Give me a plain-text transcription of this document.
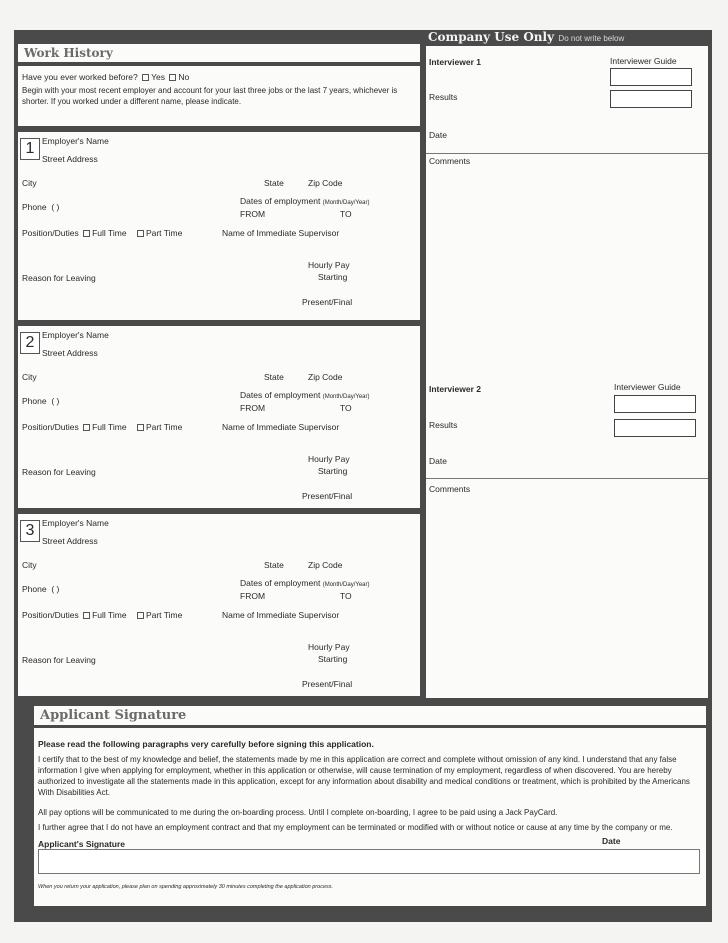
Work History
Have you ever worked before? Yes No
Begin with your most recent employer and account for your last three jobs or the last 7 years, whichever is shorter. If you worked under a different name, please indicate.
1 Employer's Name
Street Address
City	State	Zip Code
Phone ( )
Dates of employment (Month/Day/Year)
FROM	TO
Position/Duties Full Time Part Time	Name of Immediate Supervisor
Hourly Pay
Reason for Leaving	Starting
Present/Final
2 Employer's Name
Street Address
City	State	Zip Code
Phone ( )
Dates of employment (Month/Day/Year)
FROM	TO
Position/Duties Full Time Part Time	Name of Immediate Supervisor
Hourly Pay
Reason for Leaving	Starting
Present/Final
3 Employer's Name
Street Address
City	State	Zip Code
Phone ( )
Dates of employment (Month/Day/Year)
FROM	TO
Position/Duties Full Time Part Time	Name of Immediate Supervisor
Hourly Pay
Reason for Leaving	Starting
Present/Final
Company Use Only Do not write below
Interviewer 1	Interviewer Guide
Results
Date
Comments
Interviewer 2	Interviewer Guide
Results
Date
Comments
Applicant Signature
Please read the following paragraphs very carefully before signing this application.
I certify that to the best of my knowledge and belief, the statements made by me in this application are correct and complete without omission of any kind. I understand that any false information I give when applying for employment, whether in this application or otherwise, will cause termination of my employment, regardless of when discovered. You are hereby authorized to investigate all the statements made in this application, except for any information about disability and medical conditions or treatment, which is prohibited by the Americans With Disabilities Act.
All pay options will be communicated to me during the on-boarding process. Until I complete on-boarding, I agree to be paid using a Jack PayCard.
I further agree that I do not have an employment contract and that my employment can be terminated or modified with or without notice or cause at any time by the company or me.
Applicant's Signature	Date
When you return your application, please plan on spending approximately 30 minutes completing the application process.
